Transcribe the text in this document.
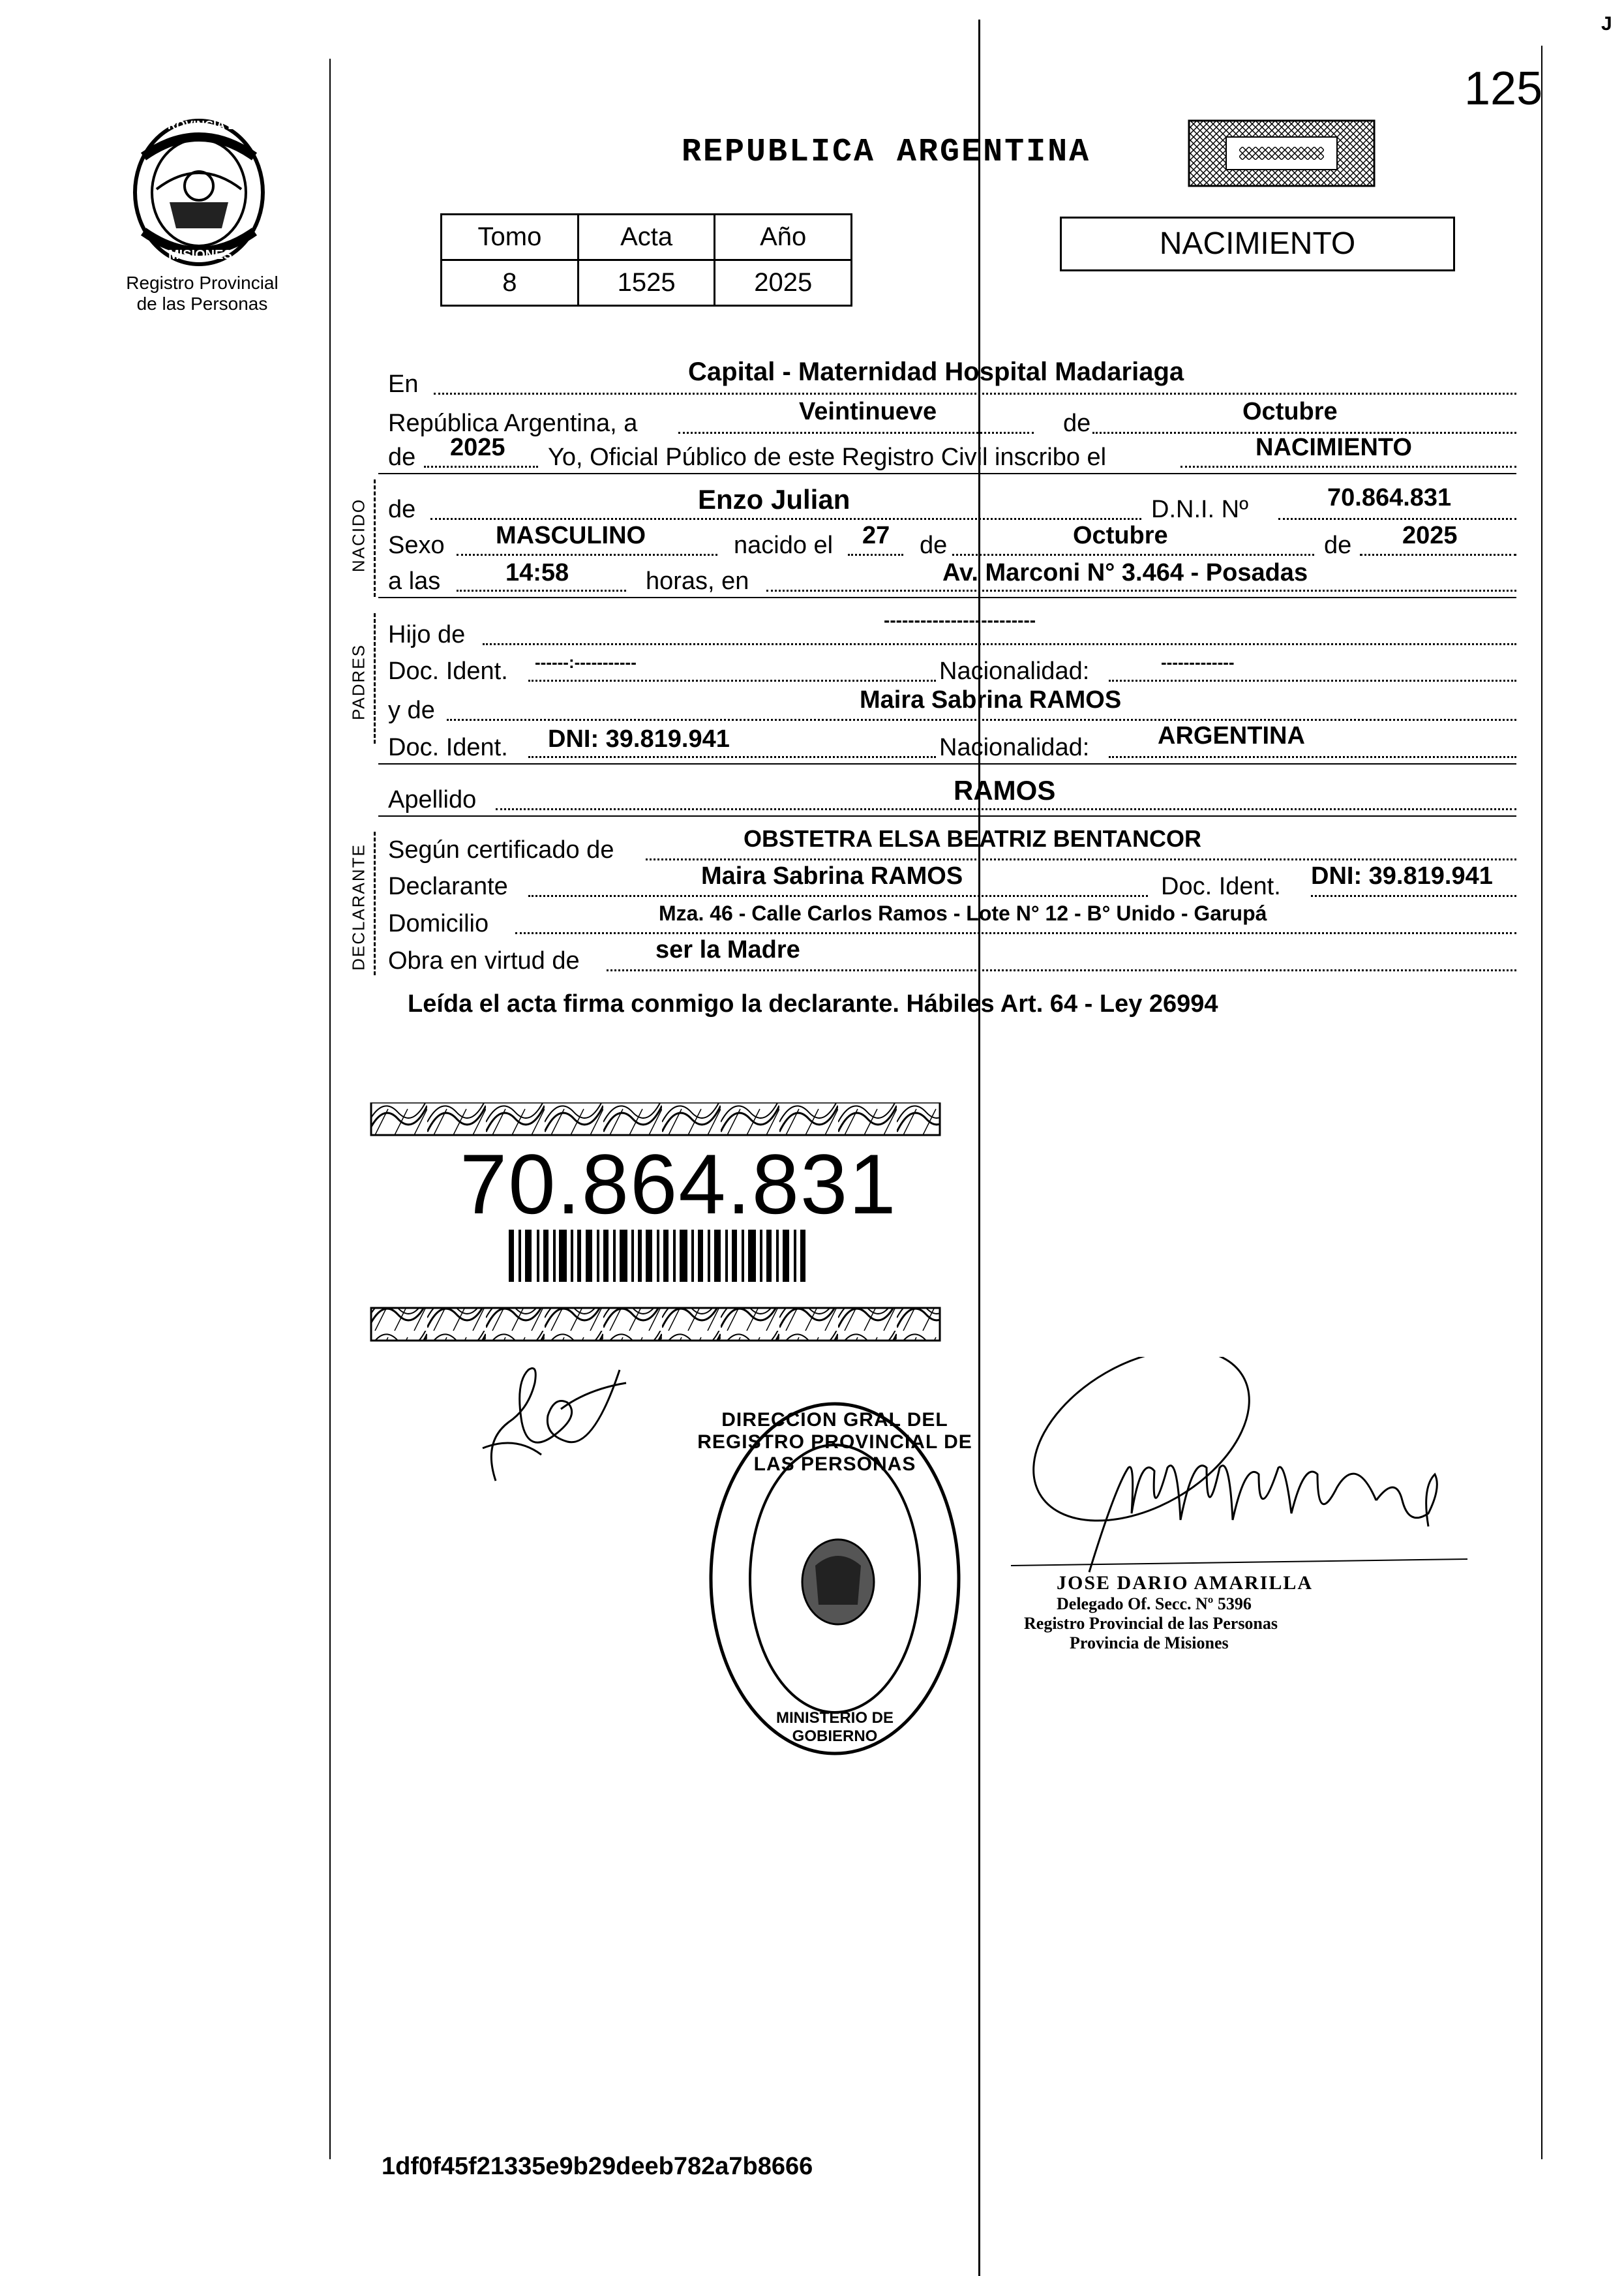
125
J
PROVINCIA DE
MISIONES
Registro Provincial
de las Personas
REPUBLICA ARGENTINA
Tomo	Acta	Año
8	1525	2025
NACIMIENTO
NACIDO
PADRES
DECLARANTE
En	Capital - Maternidad Hospital Madariaga
República Argentina, a	Veintinueve	de	Octubre
de 2025 Yo, Oficial Público de este Registro Civil inscribo el	NACIMIENTO
de	Enzo Julian	D.N.I. Nº	70.864.831
Sexo MASCULINO	nacido el 27 de	Octubre	de 2025
a las	14:58	horas, en	Av. Marconi N° 3.464 - Posadas
Hijo de
-------------------------
Doc. Ident. ------:-----------	Nacionalidad:	-------------
y de	Maira Sabrina RAMOS
Doc. Ident. DNI: 39.819.941	Nacionalidad:	ARGENTINA
Apellido	RAMOS
Según certificado de	OBSTETRA ELSA BEATRIZ BENTANCOR
Declarante	Maira Sabrina RAMOS	Doc. Ident. DNI: 39.819.941
Domicilio	Mza. 46 - Calle Carlos Ramos - Lote N° 12 - B° Unido - Garupá
Obra en virtud de	ser la Madre
Leída el acta firma conmigo la declarante. Hábiles Art. 64 - Ley 26994
70.864.831
DIRECCION GRAL DEL REGISTRO PROVINCIAL DE LAS PERSONAS
MINISTERIO DE GOBIERNO
JOSE DARIO AMARILLA
Delegado Of. Secc. Nº 5396
Registro Provincial de las Personas
Provincia de Misiones
1df0f45f21335e9b29deeb782a7b8666
